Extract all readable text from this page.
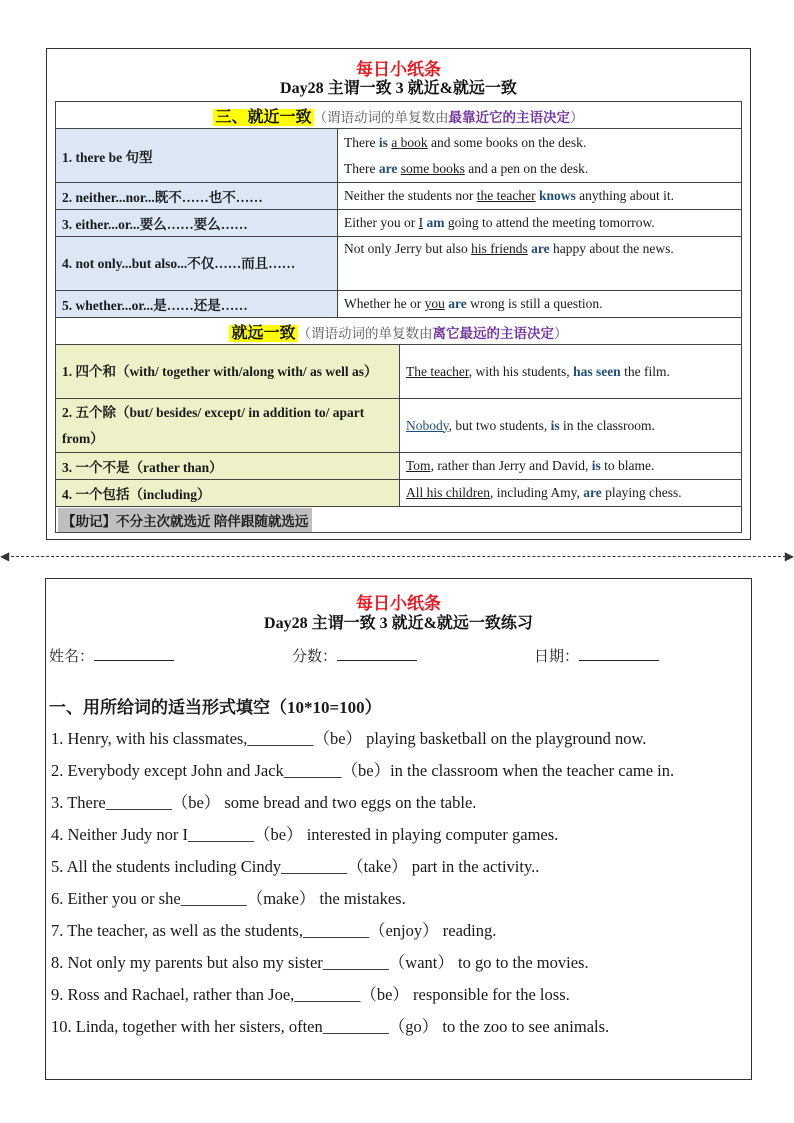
每日小纸条
Day28 主谓一致 3 就近&就远一致
三、就近一致 （谓语动词的单复数由最靠近它的主语决定）	
1. there be 句型	There is a book and some books on the desk.
There are some books and a pen on the desk.

2. neither...nor...既不……也不……	Neither the students nor the teacher knows anything about it.
3. either...or...要么……要么……	Either you or I am going to attend the meeting tomorrow.
4. not only...but also...不仅……而且……	Not only Jerry but also his friends are happy about the news.
5. whether...or...是……还是……	Whether he or you are wrong is still a question.
就远一致 （谓语动词的单复数由离它最远的主语决定）	
1. 四个和（with/ together with/along with/ as well as）	The teacher, with his students, has seen the film.
2. 五个除（but/ besides/ except/ in addition to/ apart from）	Nobody, but two students, is in the classroom.
3. 一个不是（rather than）	Tom, rather than Jerry and David, is to blame.
4. 一个包括（including）	All his children, including Amy, are playing chess.
【助记】不分主次就选近 陪伴跟随就选远	
◀	▶
每日小纸条
Day28 主谓一致 3 就近&就远一致练习
姓名：	分数：	日期：
一、用所给词的适当形式填空（10*10=100）
1. Henry, with his classmates,________（be） playing basketball on the playground now.
2. Everybody except John and Jack_______（be）in the classroom when the teacher came in.
3. There________（be） some bread and two eggs on the table.
4. Neither Judy nor I________（be） interested in playing computer games.
5. All the students including Cindy________（take） part in the activity..
6. Either you or she________（make） the mistakes.
7. The teacher, as well as the students,________（enjoy） reading.
8. Not only my parents but also my sister________（want） to go to the movies.
9. Ross and Rachael, rather than Joe,________（be） responsible for the loss.
10. Linda, together with her sisters, often________（go） to the zoo to see animals.
